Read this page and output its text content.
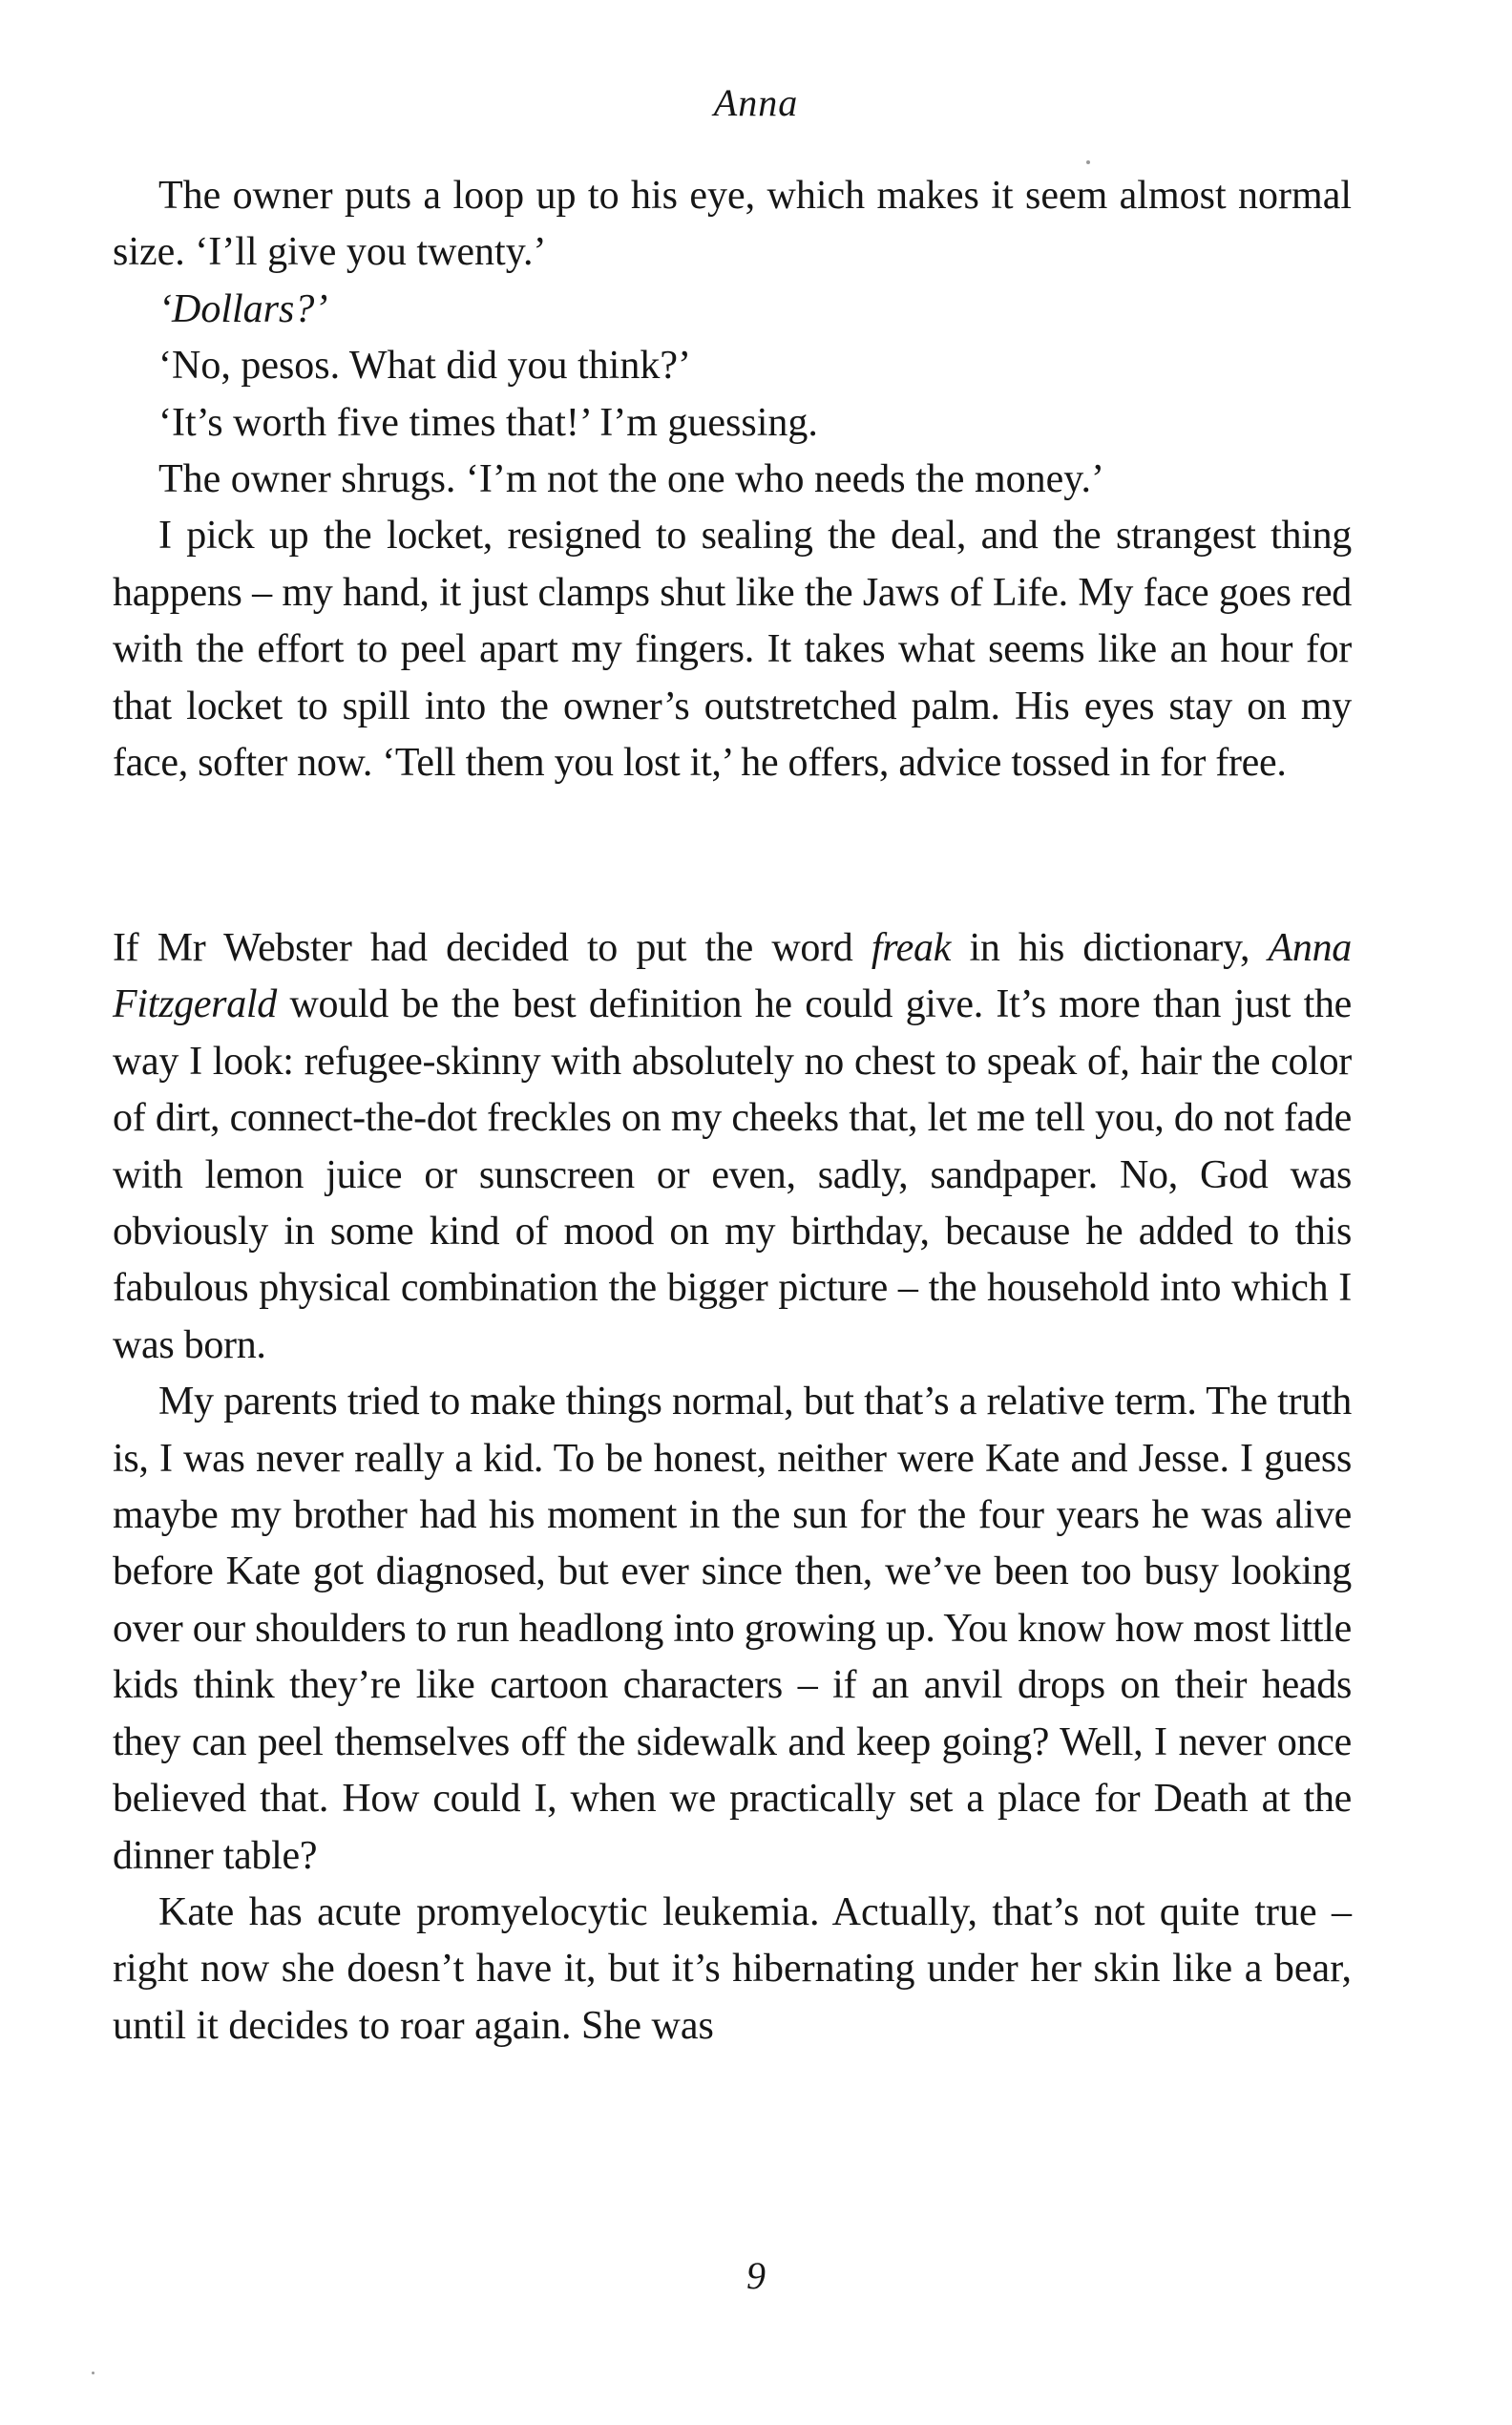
Anna

The owner puts a loop up to his eye, which makes it seem almost normal size. ‘I’ll give you twenty.’

‘Dollars?’

‘No, pesos. What did you think?’

‘It’s worth five times that!’ I’m guessing.

The owner shrugs. ‘I’m not the one who needs the money.’

I pick up the locket, resigned to sealing the deal, and the strangest thing happens – my hand, it just clamps shut like the Jaws of Life. My face goes red with the effort to peel apart my fingers. It takes what seems like an hour for that locket to spill into the owner’s outstretched palm. His eyes stay on my face, softer now. ‘Tell them you lost it,’ he offers, advice tossed in for free.

If Mr Webster had decided to put the word freak in his dictionary, Anna Fitzgerald would be the best definition he could give. It’s more than just the way I look: refugee-skinny with absolutely no chest to speak of, hair the color of dirt, connect-the-dot freckles on my cheeks that, let me tell you, do not fade with lemon juice or sunscreen or even, sadly, sandpaper. No, God was obviously in some kind of mood on my birthday, because he added to this fabulous physical combination the bigger picture – the household into which I was born.

My parents tried to make things normal, but that’s a relative term. The truth is, I was never really a kid. To be honest, neither were Kate and Jesse. I guess maybe my brother had his moment in the sun for the four years he was alive before Kate got diagnosed, but ever since then, we’ve been too busy looking over our shoulders to run headlong into growing up. You know how most little kids think they’re like cartoon characters – if an anvil drops on their heads they can peel themselves off the sidewalk and keep going? Well, I never once believed that. How could I, when we practically set a place for Death at the dinner table?

Kate has acute promyelocytic leukemia. Actually, that’s not quite true – right now she doesn’t have it, but it’s hibernating under her skin like a bear, until it decides to roar again. She was

9
